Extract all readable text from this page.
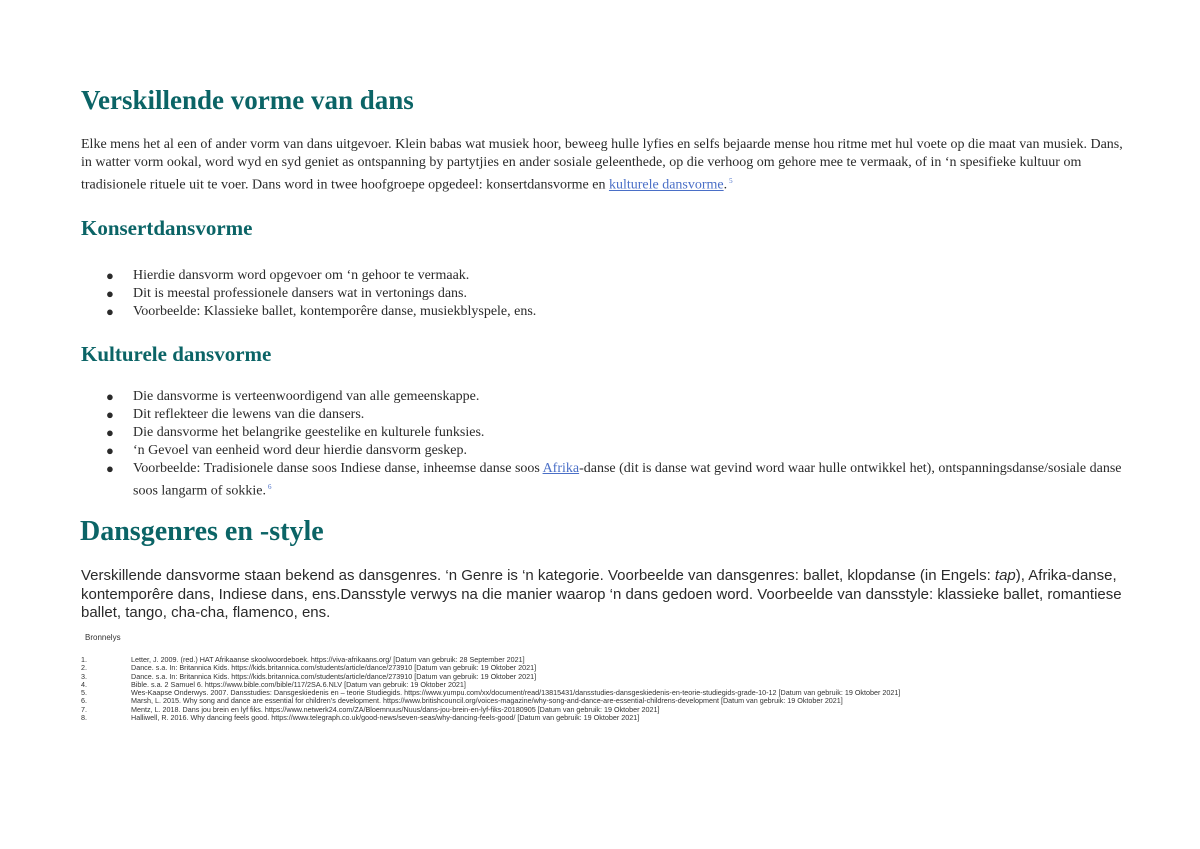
Verskillende vorme van dans
Elke mens het al een of ander vorm van dans uitgevoer. Klein babas wat musiek hoor, beweeg hulle lyfies en selfs bejaarde mense hou ritme met hul voete op die maat van musiek. Dans, in watter vorm ookal, word wyd en syd geniet as ontspanning by partytjies en ander sosiale geleenthede, op die verhoog om gehore mee te vermaak, of in ‘n spesifieke kultuur om tradisionele rituele uit te voer. Dans word in twee hoofgroepe opgedeel: konsertdansvorme en kulturele dansvorme. $^5$
Konsertdansvorme
● Hierdie dansvorm word opgevoer om ‘n gehoor te vermaak.
● Dit is meestal professionele dansers wat in vertonings dans.
● Voorbeelde: Klassieke ballet, kontemporêre danse, musiekblyspele, ens.
Kulturele dansvorme
● Die dansvorme is verteenwoordigend van alle gemeenskappe.
● Dit reflekteer die lewens van die dansers.
● Die dansvorme het belangrike geestelike en kulturele funksies.
● ‘n Gevoel van eenheid word deur hierdie dansvorm geskep.
● Voorbeelde: Tradisionele danse soos Indiese danse, inheemse danse soos Afrika-danse (dit is danse wat gevind word waar hulle ontwikkel het), ontspanningsdanse/sosiale danse soos langarm of sokkie. $^6$
Dansgenres en -style
Verskillende dansvorme staan bekend as dansgenres. ‘n Genre is ‘n kategorie. Voorbeelde van dansgenres: ballet, klopdanse (in Engels: tap), Afrika-danse, kontemporêre dans, Indiese dans, ens.Dansstyle verwys na die manier waarop ‘n dans gedoen word. Voorbeelde van dansstyle: klassieke ballet, romantiese ballet, tango, cha-cha, flamenco, ens.
Bronnelys
1.	Letter, J. 2009. (red.) HAT Afrikaanse skoolwoordeboek. https://vivа-afrikaans.org/ [Datum van gebruik: 28 September 2021]
2.	Dance. s.a. In: Britannica Kids. https://kids.britannica.com/students/article/dance/273910 [Datum van gebruik: 19 Oktober 2021]
3.	Dance. s.a. In: Britannica Kids. https://kids.britannica.com/students/article/dance/273910 [Datum van gebruik: 19 Oktober 2021]
4.	Bible. s.a. 2 Samuel 6. https://www.bible.com/bible/117/2SA.6.NLV [Datum van gebruik: 19 Oktober 2021]
5.	Wes-Kaapse Onderwys. 2007. Dansstudies: Dansgeskiedenis en – teorie Studiegids. https://www.yumpu.com/xx/document/read/13815431/dansstudies-dansgeskiedenis-en-teorie-studiegids-grade-10-12 [Datum van gebruik: 19 Oktober 2021]
6.	Marsh, L. 2015. Why song and dance are essential for children’s development. https://www.britishcouncil.org/voices-magazine/why-song-and-dance-are-essential-childrens-development [Datum van gebruik: 19 Oktober 2021]
7.	Mentz, L. 2018. Dans jou brein en lyf fiks. https://www.netwerk24.com/ZA/Bloemnuus/Nuus/dans-jou-brein-en-lyf-fiks-20180905 [Datum van gebruik: 19 Oktober 2021]
8.	Halliwell, R. 2016. Why dancing feels good. https://www.telegraph.co.uk/good-news/seven-seas/why-dancing-feels-good/ [Datum van gebruik: 19 Oktober 2021]
